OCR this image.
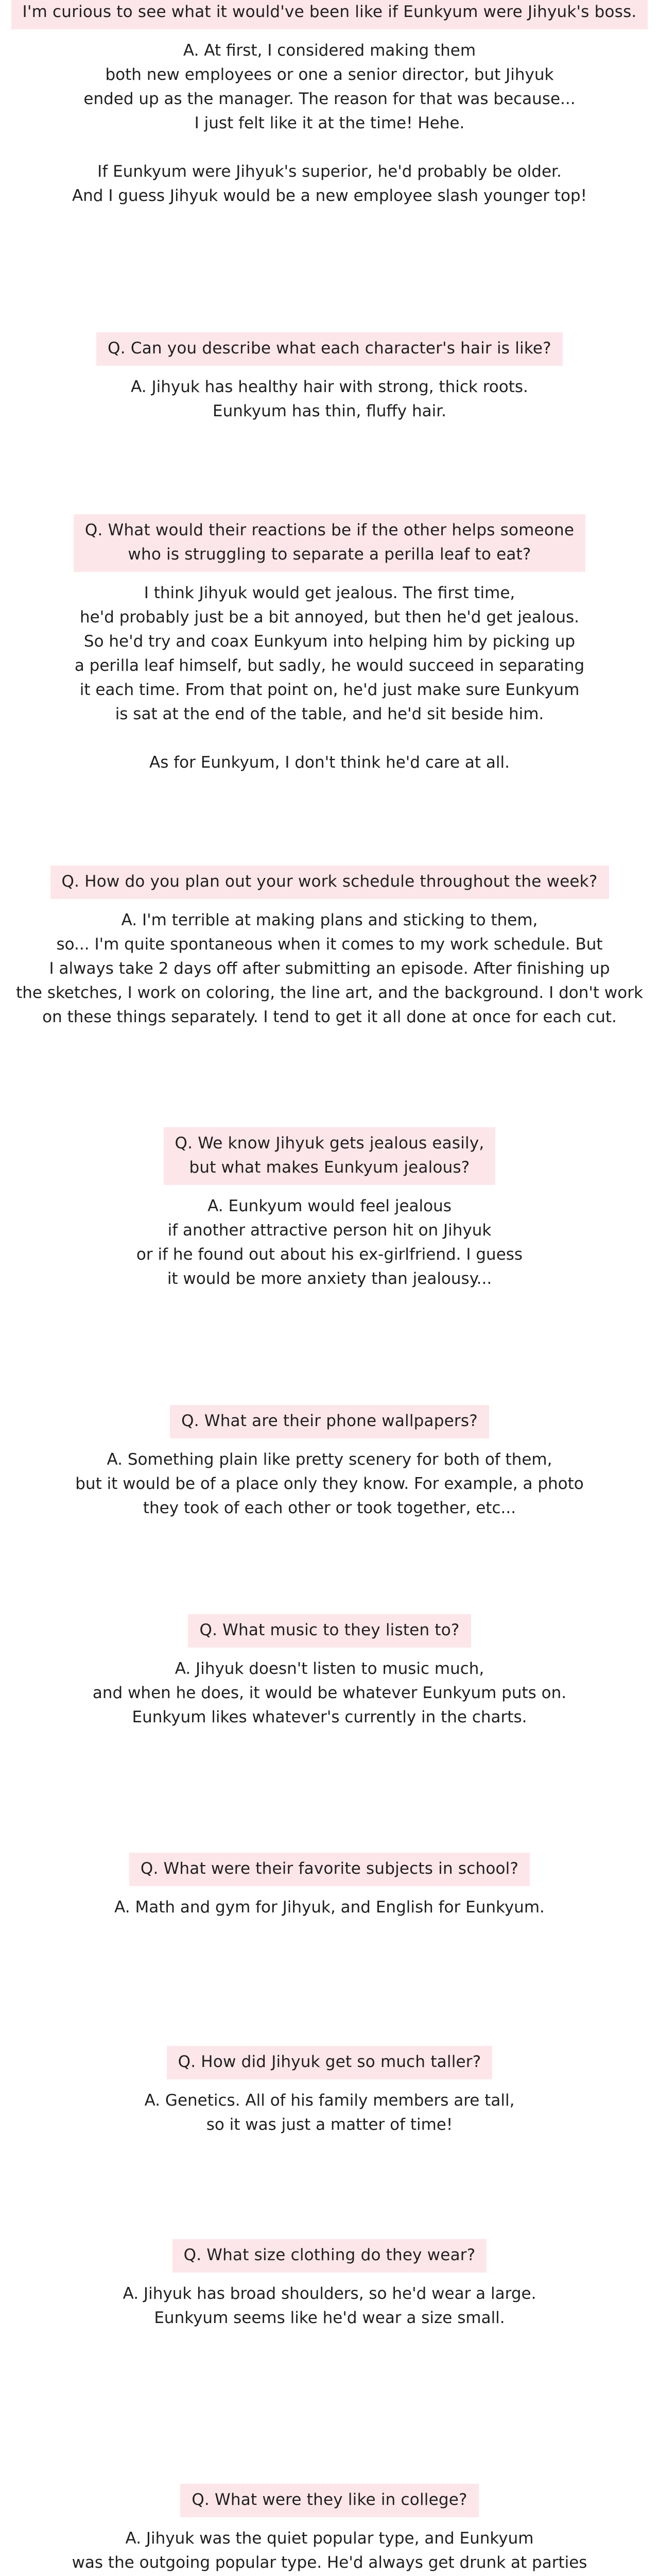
I'm curious to see what it would've been like if Eunkyum were Jihyuk's boss.
A. At first, I considered making them
both new employees or one a senior director, but Jihyuk
ended up as the manager. The reason for that was because...
I just felt like it at the time! Hehe.
If Eunkyum were Jihyuk's superior, he'd probably be older.
And I guess Jihyuk would be a new employee slash younger top!
Q. Can you describe what each character's hair is like?
A. Jihyuk has healthy hair with strong, thick roots.
Eunkyum has thin, fluffy hair.
Q. What would their reactions be if the other helps someone
who is struggling to separate a perilla leaf to eat?
I think Jihyuk would get jealous. The first time,
he'd probably just be a bit annoyed, but then he'd get jealous.
So he'd try and coax Eunkyum into helping him by picking up
a perilla leaf himself, but sadly, he would succeed in separating
it each time. From that point on, he'd just make sure Eunkyum
is sat at the end of the table, and he'd sit beside him.
As for Eunkyum, I don't think he'd care at all.
Q. How do you plan out your work schedule throughout the week?
A. I'm terrible at making plans and sticking to them,
so... I'm quite spontaneous when it comes to my work schedule. But
I always take 2 days off after submitting an episode. After finishing up
the sketches, I work on coloring, the line art, and the background. I don't work
on these things separately. I tend to get it all done at once for each cut.
Q. We know Jihyuk gets jealous easily,
but what makes Eunkyum jealous?
A. Eunkyum would feel jealous
if another attractive person hit on Jihyuk
or if he found out about his ex-girlfriend. I guess
it would be more anxiety than jealousy...
Q. What are their phone wallpapers?
A. Something plain like pretty scenery for both of them,
but it would be of a place only they know. For example, a photo
they took of each other or took together, etc...
Q. What music to they listen to?
A. Jihyuk doesn't listen to music much,
and when he does, it would be whatever Eunkyum puts on.
Eunkyum likes whatever's currently in the charts.
Q. What were their favorite subjects in school?
A. Math and gym for Jihyuk, and English for Eunkyum.
Q. How did Jihyuk get so much taller?
A. Genetics. All of his family members are tall,
so it was just a matter of time!
Q. What size clothing do they wear?
A. Jihyuk has broad shoulders, so he'd wear a large.
Eunkyum seems like he'd wear a size small.
Q. What were they like in college?
A. Jihyuk was the quiet popular type, and Eunkyum
was the outgoing popular type. He'd always get drunk at parties
